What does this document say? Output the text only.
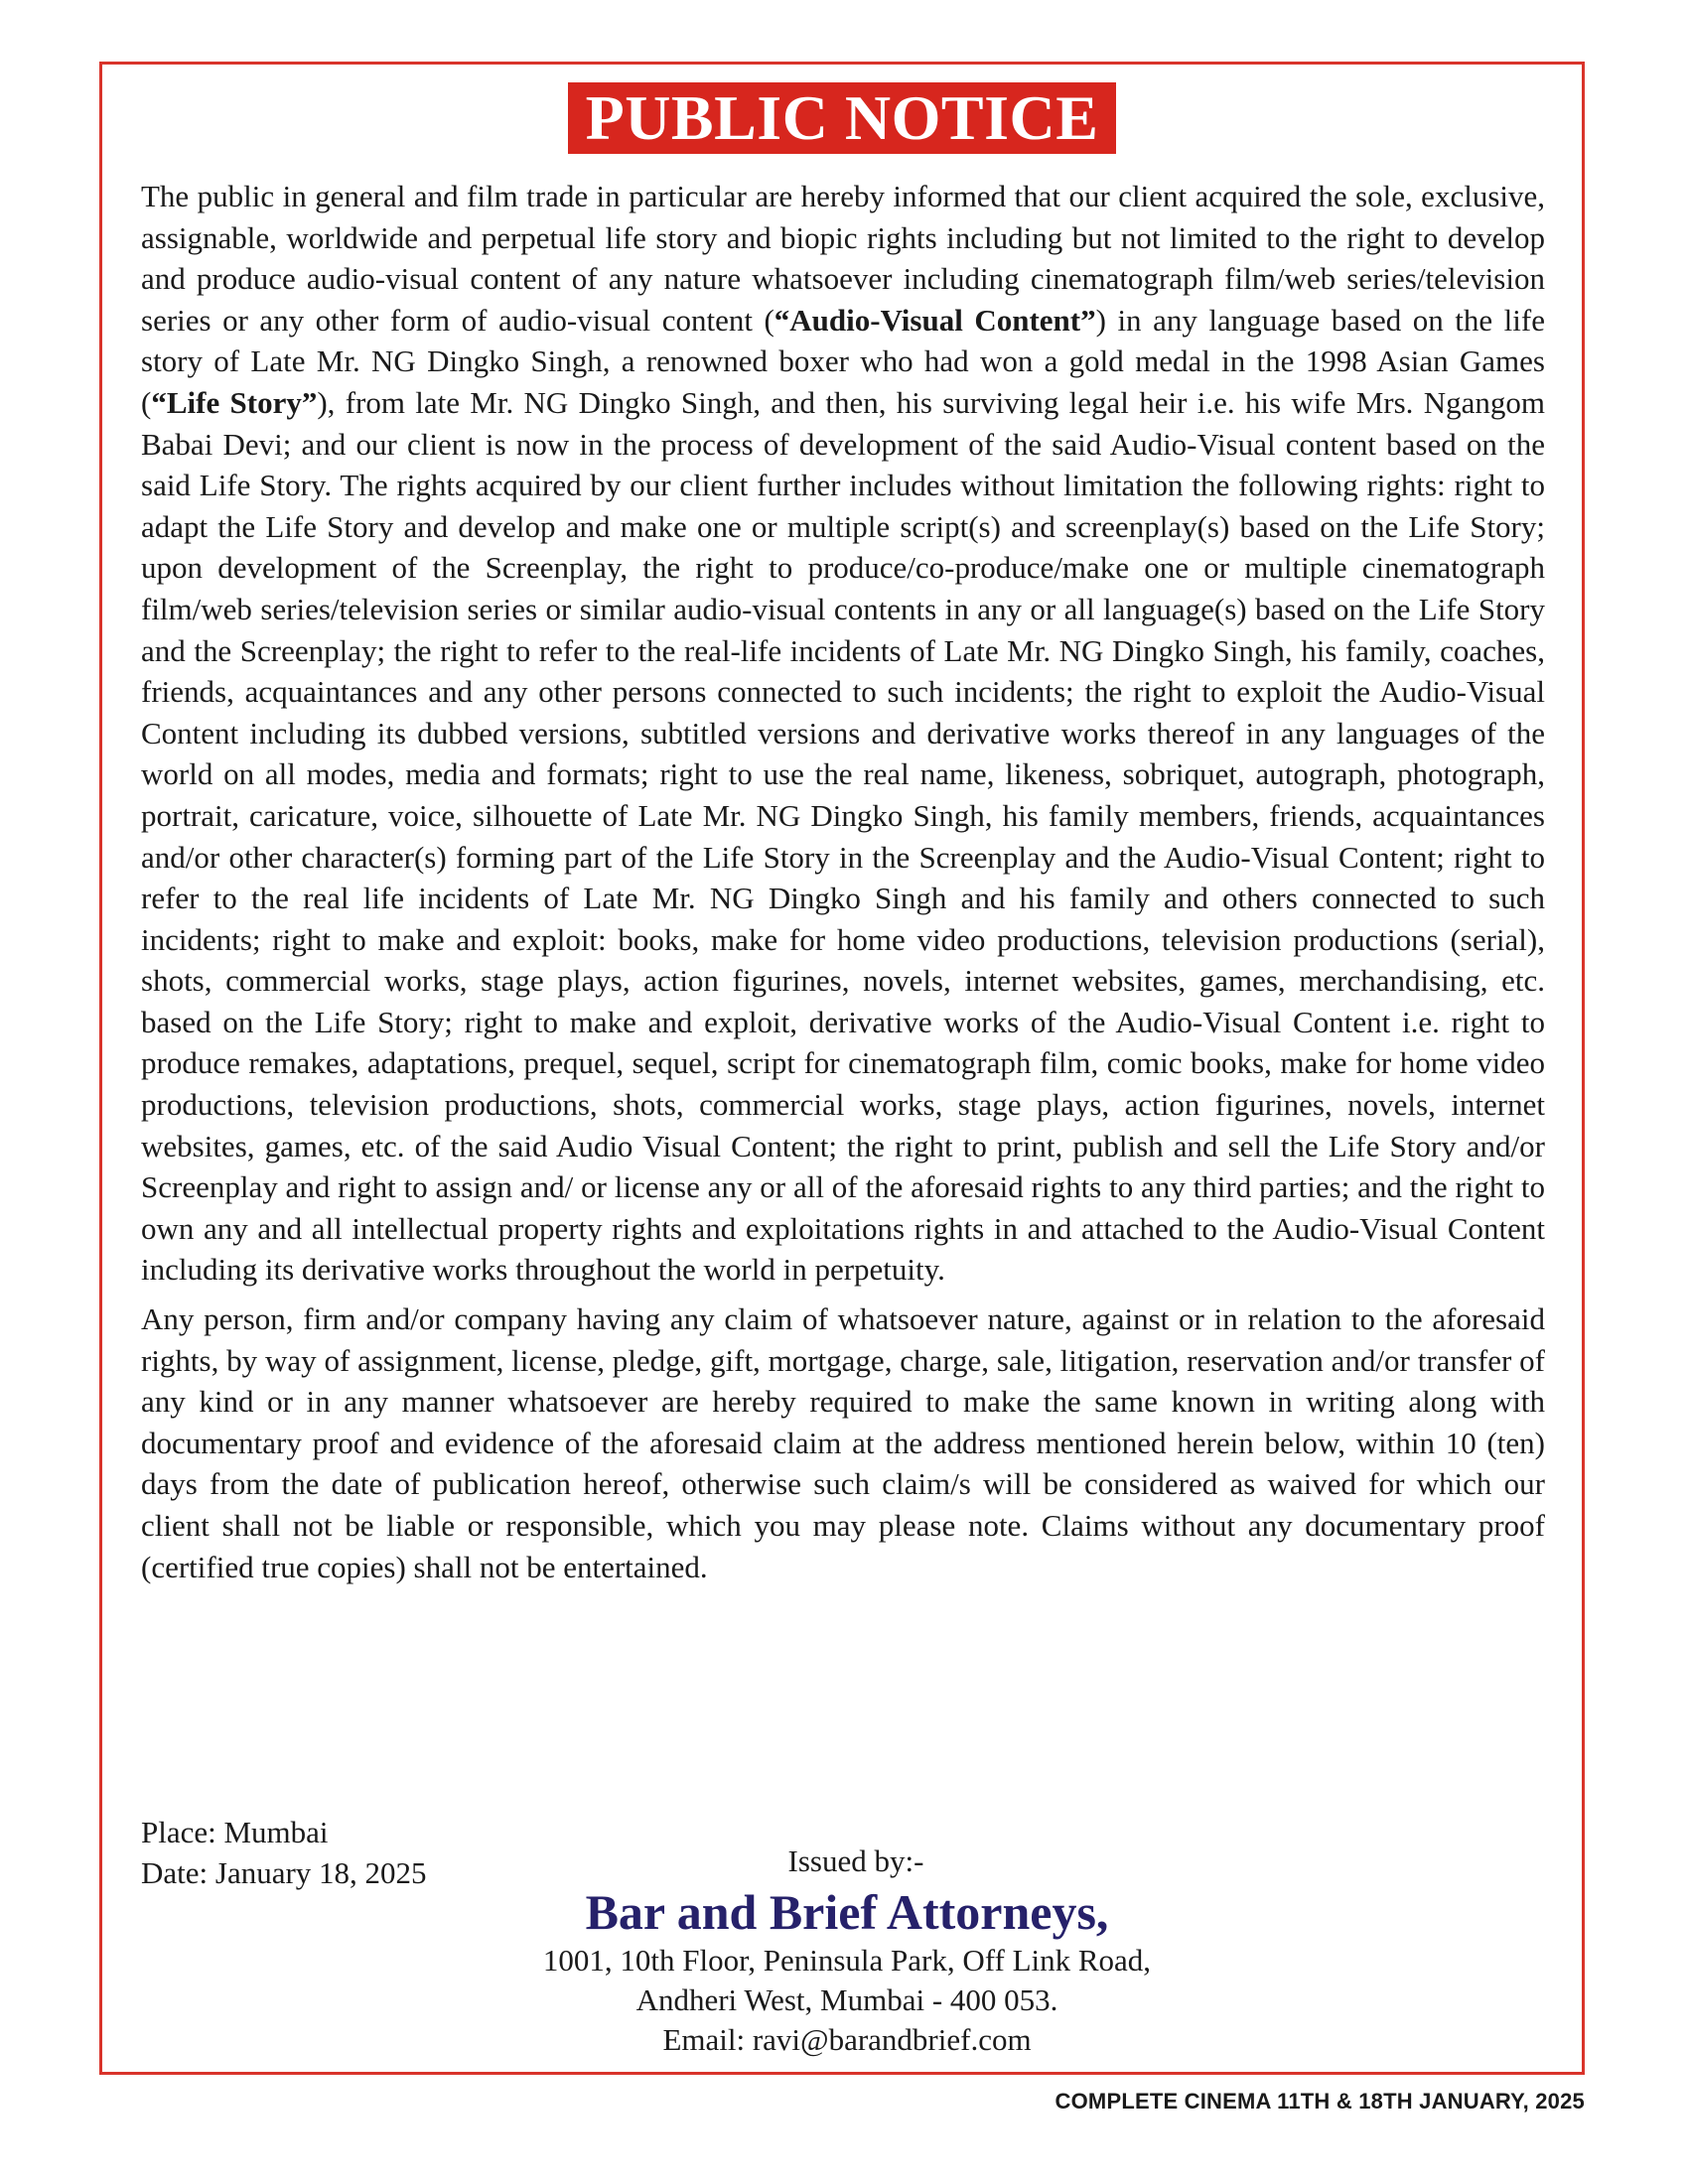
PUBLIC NOTICE

The public in general and film trade in particular are hereby informed that our client acquired the sole, exclusive, assignable, worldwide and perpetual life story and biopic rights including but not limited to the right to develop and produce audio-visual content of any nature whatsoever including cinematograph film/web series/television series or any other form of audio-visual content (“Audio-Visual Content”) in any language based on the life story of Late Mr. NG Dingko Singh, a renowned boxer who had won a gold medal in the 1998 Asian Games (“Life Story”), from late Mr. NG Dingko Singh, and then, his surviving legal heir i.e. his wife Mrs. Ngangom Babai Devi; and our client is now in the process of development of the said Audio-Visual content based on the said Life Story. The rights acquired by our client further includes without limitation the following rights: right to adapt the Life Story and develop and make one or multiple script(s) and screenplay(s) based on the Life Story; upon development of the Screenplay, the right to produce/co-produce/make one or multiple cinematograph film/web series/television series or similar audio-visual contents in any or all language(s) based on the Life Story and the Screenplay; the right to refer to the real-life incidents of Late Mr. NG Dingko Singh, his family, coaches, friends, acquaintances and any other persons connected to such incidents; the right to exploit the Audio-Visual Content including its dubbed versions, subtitled versions and derivative works thereof in any languages of the world on all modes, media and formats; right to use the real name, likeness, sobriquet, autograph, photograph, portrait, caricature, voice, silhouette of Late Mr. NG Dingko Singh, his family members, friends, acquaintances and/or other character(s) forming part of the Life Story in the Screenplay and the Audio-Visual Content; right to refer to the real life incidents of Late Mr. NG Dingko Singh and his family and others connected to such incidents; right to make and exploit: books, make for home video productions, television productions (serial), shots, commercial works, stage plays, action figurines, novels, internet websites, games, merchandising, etc. based on the Life Story; right to make and exploit, derivative works of the Audio-Visual Content i.e. right to produce remakes, adaptations, prequel, sequel, script for cinematograph film, comic books, make for home video productions, television productions, shots, commercial works, stage plays, action figurines, novels, internet websites, games, etc. of the said Audio Visual Content; the right to print, publish and sell the Life Story and/or Screenplay and right to assign and/ or license any or all of the aforesaid rights to any third parties; and the right to own any and all intellectual property rights and exploitations rights in and attached to the Audio-Visual Content including its derivative works throughout the world in perpetuity.

Any person, firm and/or company having any claim of whatsoever nature, against or in relation to the aforesaid rights, by way of assignment, license, pledge, gift, mortgage, charge, sale, litigation, reservation and/or transfer of any kind or in any manner whatsoever are hereby required to make the same known in writing along with documentary proof and evidence of the aforesaid claim at the address mentioned herein below, within 10 (ten) days from the date of publication hereof, otherwise such claim/s will be considered as waived for which our client shall not be liable or responsible, which you may please note. Claims without any documentary proof (certified true copies) shall not be entertained.

Place: Mumbai
Date: January 18, 2025	Issued by:-
Bar and Brief Attorneys,
1001, 10th Floor, Peninsula Park, Off Link Road,
Andheri West, Mumbai - 400 053.
Email: ravi@barandbrief.com
COMPLETE CINEMA 11TH & 18TH JANUARY, 2025
